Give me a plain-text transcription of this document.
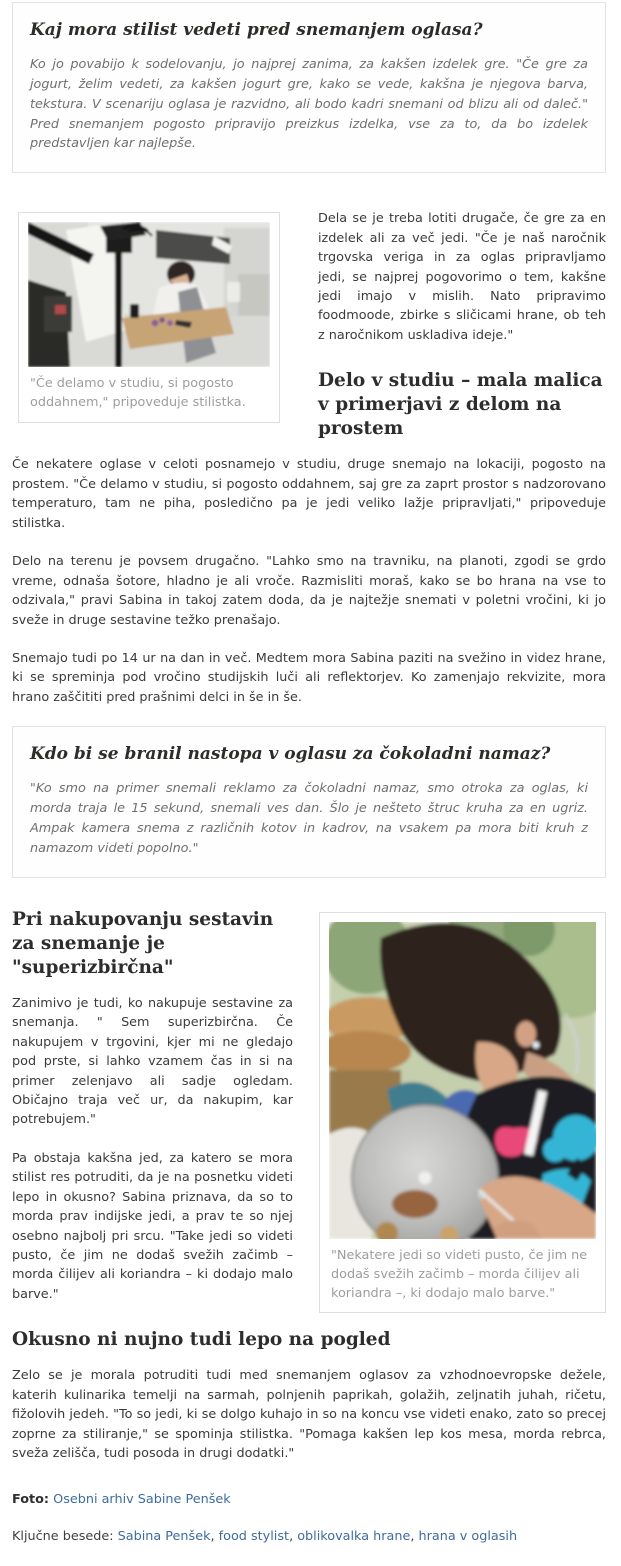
Kaj mora stilist vedeti pred snemanjem oglasa?

Ko jo povabijo k sodelovanju, jo najprej zanima, za kakšen izdelek gre. "Če gre za jogurt, želim vedeti, za kakšen jogurt gre, kako se vede, kakšna je njegova barva, tekstura. V scenariju oglasa je razvidno, ali bodo kadri snemani od blizu ali od daleč." Pred snemanjem pogosto pripravijo preizkus izdelka, vse za to, da bo izdelek predstavljen kar najlepše.

"Če delamo v studiu, si pogosto oddahnem," pripoveduje stilistka.

Dela se je treba lotiti drugače, če gre za en izdelek ali za več jedi. "Če je naš naročnik trgovska veriga in za oglas pripravljamo jedi, se najprej pogovorimo o tem, kakšne jedi imajo v mislih. Nato pripravimo foodmoode, zbirke s sličicami hrane, ob teh z naročnikom uskladiva ideje."

Delo v studiu – mala malica v primerjavi z delom na prostem

Če nekatere oglase v celoti posnamejo v studiu, druge snemajo na lokaciji, pogosto na prostem. "Če delamo v studiu, si pogosto oddahnem, saj gre za zaprt prostor s nadzorovano temperaturo, tam ne piha, posledično pa je jedi veliko lažje pripravljati," pripoveduje stilistka.

Delo na terenu je povsem drugačno. "Lahko smo na travniku, na planoti, zgodi se grdo vreme, odnaša šotore, hladno je ali vroče. Razmisliti moraš, kako se bo hrana na vse to odzivala," pravi Sabina in takoj zatem doda, da je najtežje snemati v poletni vročini, ki jo sveže in druge sestavine težko prenašajo.

Snemajo tudi po 14 ur na dan in več. Medtem mora Sabina paziti na svežino in videz hrane, ki se spreminja pod vročino studijskih luči ali reflektorjev. Ko zamenjajo rekvizite, mora hrano zaščititi pred prašnimi delci in še in še.

Kdo bi se branil nastopa v oglasu za čokoladni namaz?

"Ko smo na primer snemali reklamo za čokoladni namaz, smo otroka za oglas, ki morda traja le 15 sekund, snemali ves dan. Šlo je nešteto štruc kruha za en ugriz. Ampak kamera snema z različnih kotov in kadrov, na vsakem pa mora biti kruh z namazom videti popolno."

"Nekatere jedi so videti pusto, če jim ne dodaš svežih začimb – morda čilijev ali koriandra –, ki dodajo malo barve."
Pri nakupovanju sestavin za snemanje je "superizbirčna"

Zanimivo je tudi, ko nakupuje sestavine za snemanja. " Sem superizbirčna. Če nakupujem v trgovini, kjer mi ne gledajo pod prste, si lahko vzamem čas in si na primer zelenjavo ali sadje ogledam. Običajno traja več ur, da nakupim, kar potrebujem."

Pa obstaja kakšna jed, za katero se mora stilist res potruditi, da je na posnetku videti lepo in okusno? Sabina priznava, da so to morda prav indijske jedi, a prav te so njej osebno najbolj pri srcu. "Take jedi so videti pusto, če jim ne dodaš svežih začimb – morda čilijev ali koriandra – ki dodajo malo barve."

Okusno ni nujno tudi lepo na pogled

Zelo se je morala potruditi tudi med snemanjem oglasov za vzhodnoevropske dežele, katerih kulinarika temelji na sarmah, polnjenih paprikah, golažih, zeljnatih juhah, ričetu, fižolovih jedeh. "To so jedi, ki se dolgo kuhajo in so na koncu vse videti enako, zato so precej zoprne za stiliranje," se spominja stilistka. "Pomaga kakšen lep kos mesa, morda rebrca, sveža zelišča, tudi posoda in drugi dodatki."

Foto: Osebni arhiv Sabine Penšek
Ključne besede: Sabina Penšek, food stylist, oblikovalka hrane, hrana v oglasih
